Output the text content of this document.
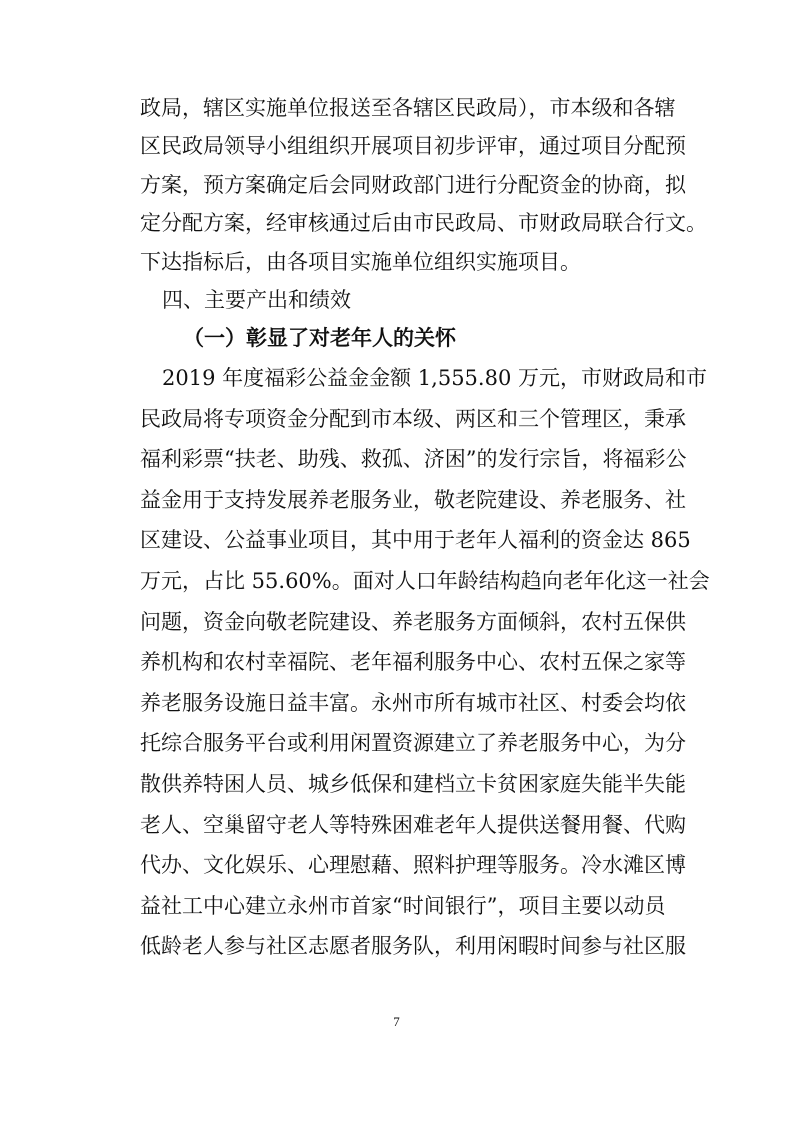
政局，辖区实施单位报送至各辖区民政局），市本级和各辖
区民政局领导小组组织开展项目初步评审，通过项目分配预
方案，预方案确定后会同财政部门进行分配资金的协商，拟
定分配方案，经审核通过后由市民政局、市财政局联合行文。
下达指标后，由各项目实施单位组织实施项目。
四、主要产出和绩效
（一）彰显了对老年人的关怀
7
2019 年度福彩公益金金额 1,555.80 万元，市财政局和市
民政局将专项资金分配到市本级、两区和三个管理区，秉承
福利彩票“扶老、助残、救孤、济困”的发行宗旨，将福彩公
益金用于支持发展养老服务业，敬老院建设、养老服务、社
区建设、公益事业项目，其中用于老年人福利的资金达 865
万元，占比 55.60%。面对人口年龄结构趋向老年化这一社会
问题，资金向敬老院建设、养老服务方面倾斜，农村五保供
养机构和农村幸福院、老年福利服务中心、农村五保之家等
养老服务设施日益丰富。永州市所有城市社区、村委会均依
托综合服务平台或利用闲置资源建立了养老服务中心，为分
散供养特困人员、城乡低保和建档立卡贫困家庭失能半失能
老人、空巢留守老人等特殊困难老年人提供送餐用餐、代购
代办、文化娱乐、心理慰藉、照料护理等服务。冷水滩区博
益社工中心建立永州市首家“时间银行”，项目主要以动员
低龄老人参与社区志愿者服务队，利用闲暇时间参与社区服
